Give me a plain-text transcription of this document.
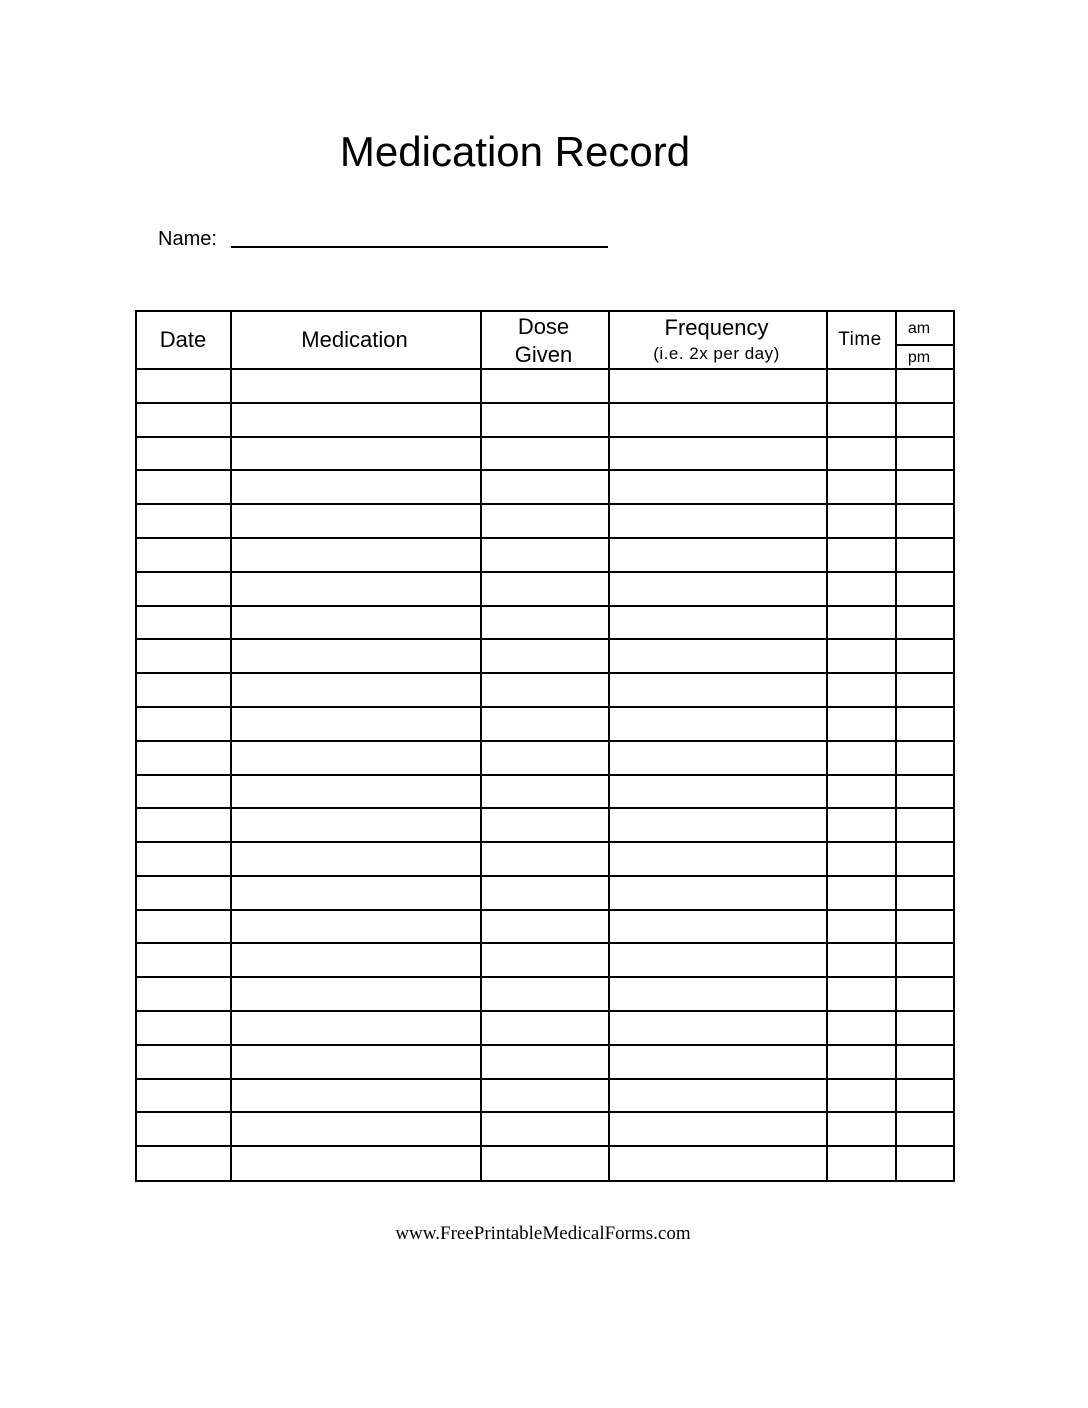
Medication Record
Name:
Date	Medication
Dose
Given
Frequency
(i.e. 2x per day)
Time
am
pm
www.FreePrintableMedicalForms.com
